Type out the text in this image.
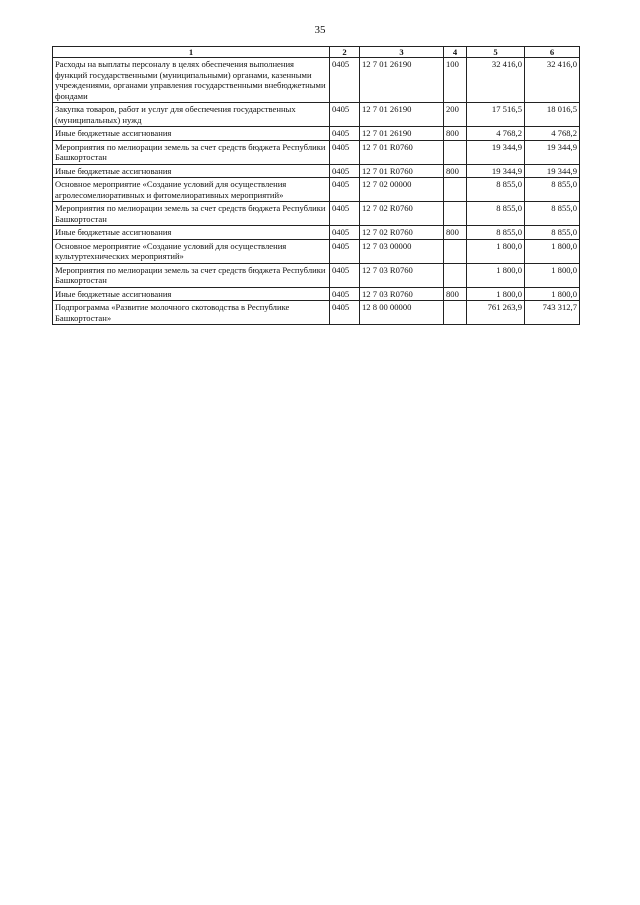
35
1	2	3	4	5	6
Расходы на выплаты персоналу в целях обеспечения выполнения функций государственными (муниципальными) органами, казенными учреждениями, органами управления государственными внебюджетными фондами	0405	12 7 01 26190	100	32 416,0	32 416,0
Закупка товаров, работ и услуг для обеспечения государственных (муниципальных) нужд	0405	12 7 01 26190	200	17 516,5	18 016,5
Иные бюджетные ассигнования	0405	12 7 01 26190	800	4 768,2	4 768,2
Мероприятия по мелиорации земель за счет средств бюджета Республики Башкортостан	0405	12 7 01 R0760		19 344,9	19 344,9
Иные бюджетные ассигнования	0405	12 7 01 R0760	800	19 344,9	19 344,9
Основное мероприятие «Создание условий для осуществления агролесомелиоративных и фитомелиоративных мероприятий»	0405	12 7 02 00000		8 855,0	8 855,0
Мероприятия по мелиорации земель за счет средств бюджета Республики Башкортостан	0405	12 7 02 R0760		8 855,0	8 855,0
Иные бюджетные ассигнования	0405	12 7 02 R0760	800	8 855,0	8 855,0
Основное мероприятие «Создание условий для осуществления культуртехнических мероприятий»	0405	12 7 03 00000		1 800,0	1 800,0
Мероприятия по мелиорации земель за счет средств бюджета Республики Башкортостан	0405	12 7 03 R0760		1 800,0	1 800,0
Иные бюджетные ассигнования	0405	12 7 03 R0760	800	1 800,0	1 800,0
Подпрограмма «Развитие молочного скотоводства в Республике Башкортостан»	0405	12 8 00 00000		761 263,9	743 312,7
